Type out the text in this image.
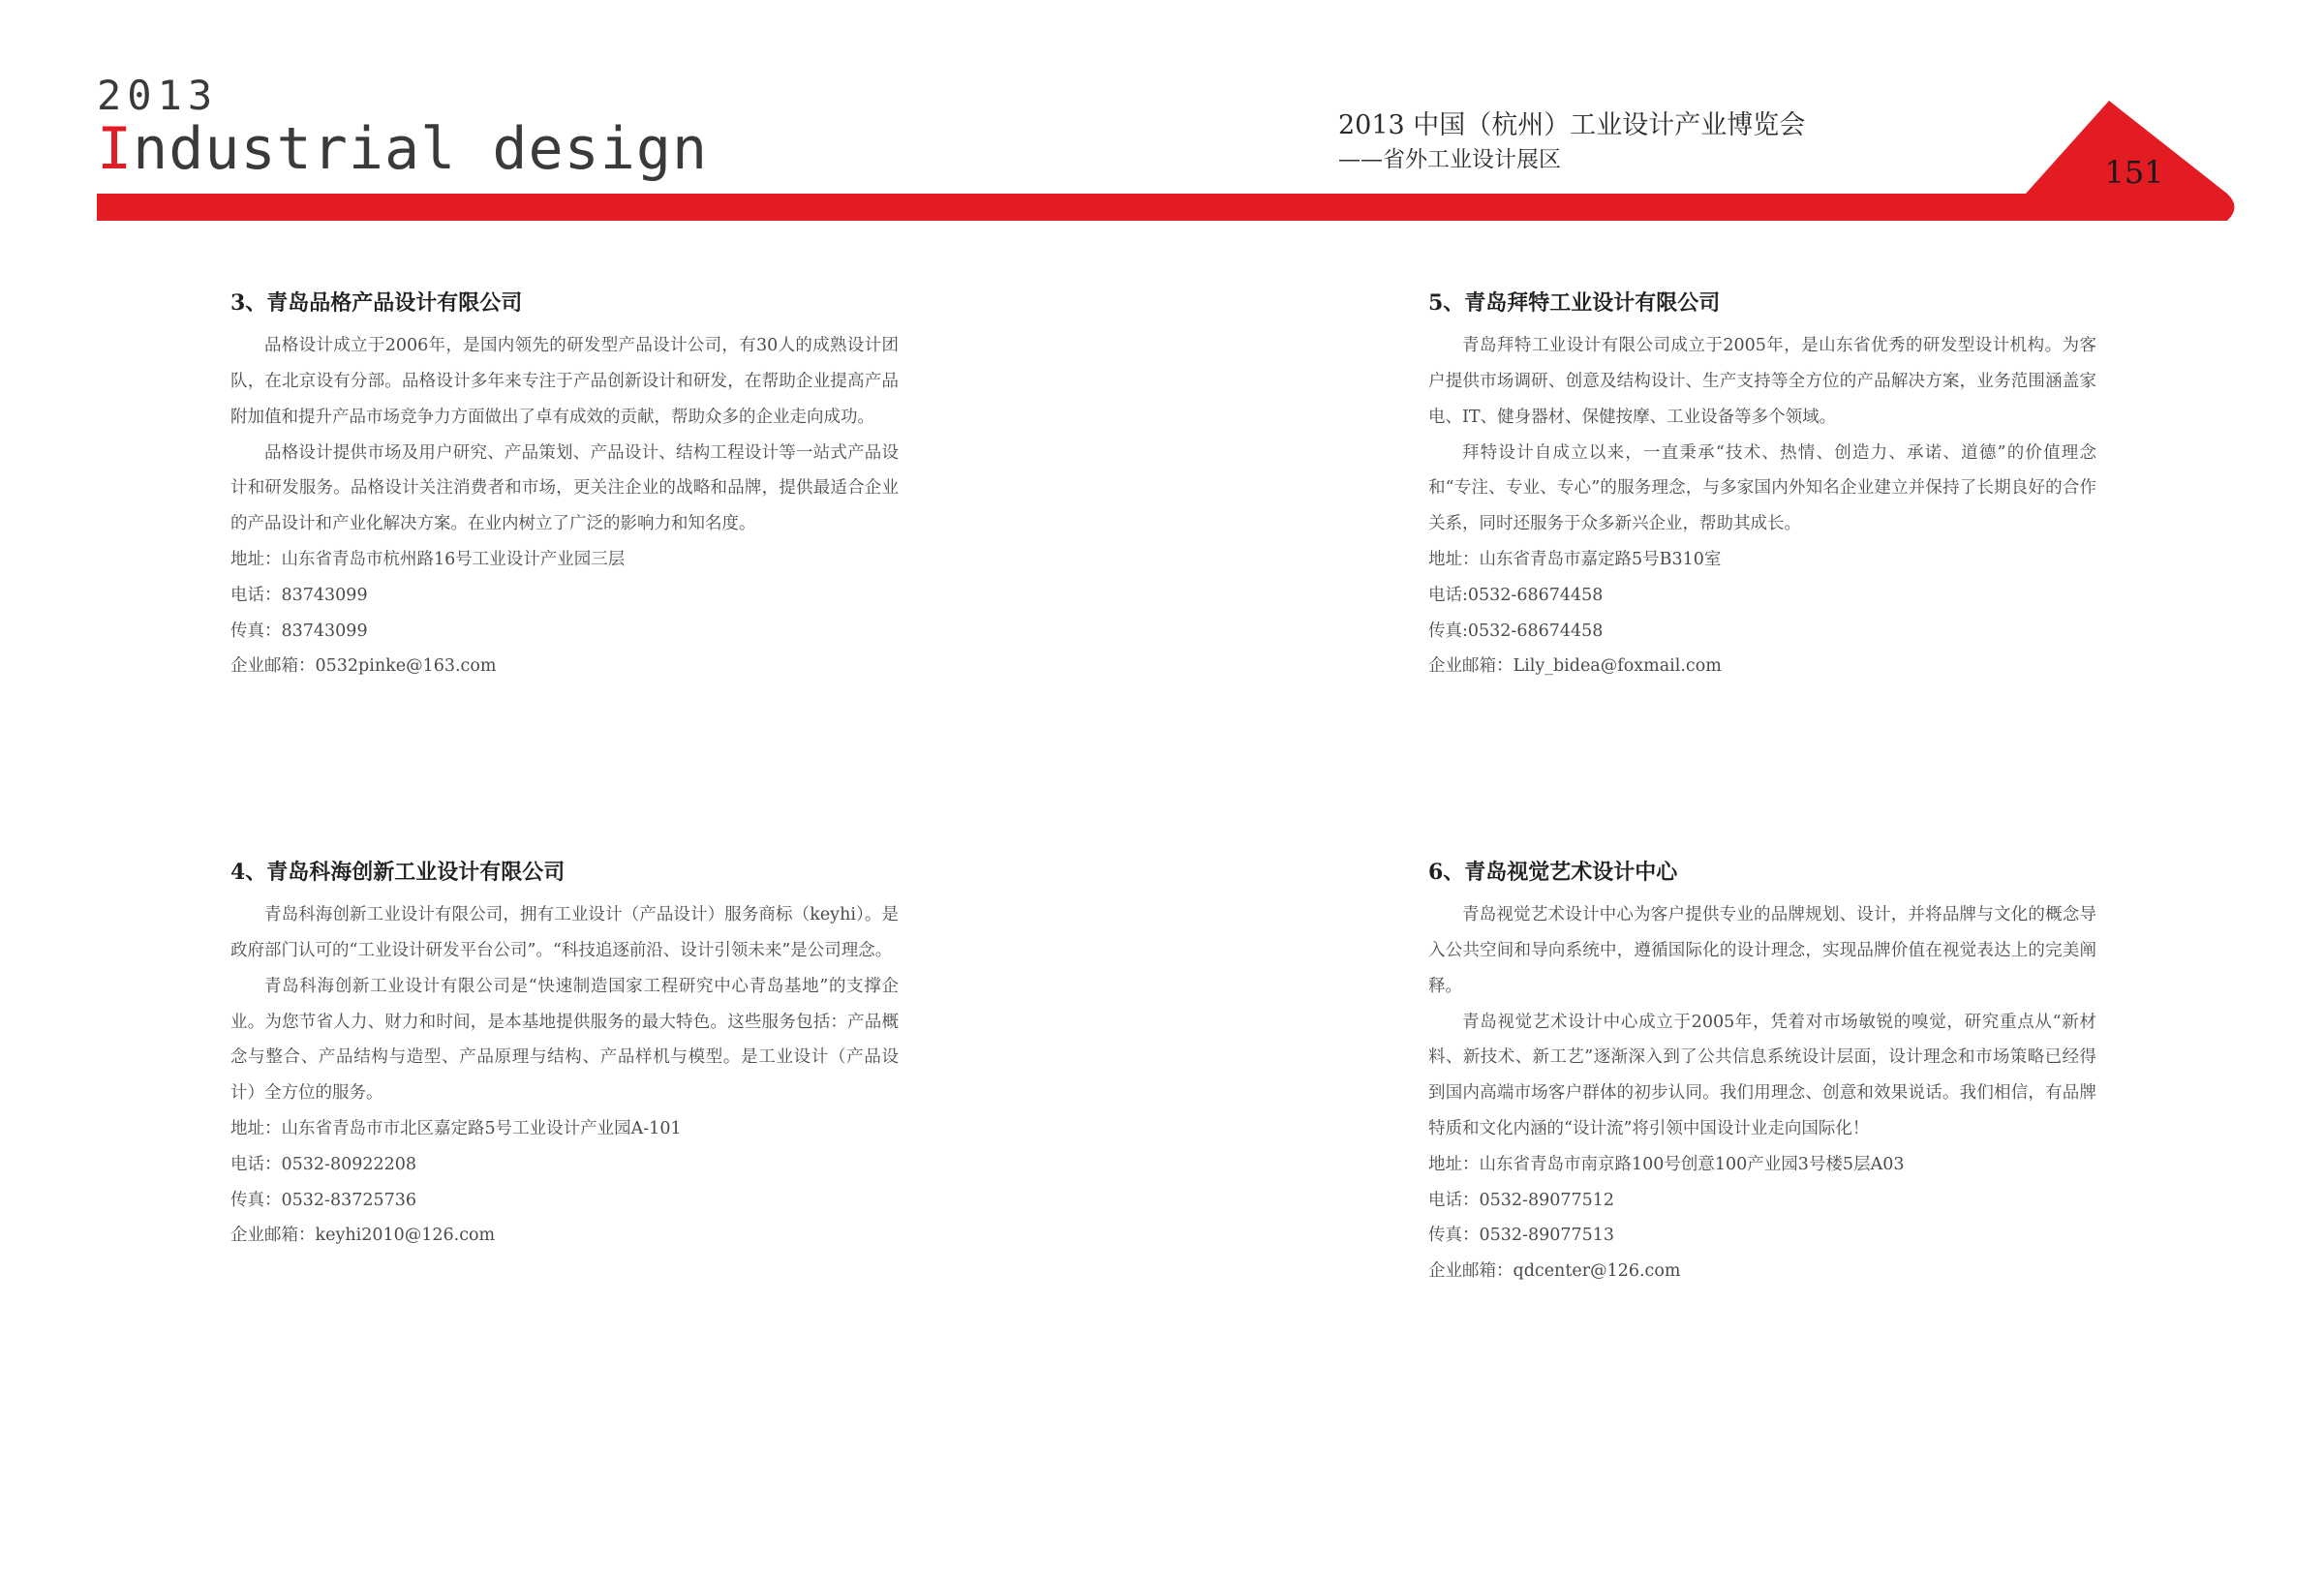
2013
Industrial design	2013 中国（杭州）工业设计产业博览会
——省外工业设计展区	151
3、青岛品格产品设计有限公司

品格设计成立于2006年，是国内领先的研发型产品设计公司，有30人的成熟设计团队，在北京设有分部。品格设计多年来专注于产品创新设计和研发，在帮助企业提高产品附加值和提升产品市场竞争力方面做出了卓有成效的贡献，帮助众多的企业走向成功。

品格设计提供市场及用户研究、产品策划、产品设计、结构工程设计等一站式产品设计和研发服务。品格设计关注消费者和市场，更关注企业的战略和品牌，提供最适合企业的产品设计和产业化解决方案。在业内树立了广泛的影响力和知名度。

地址：山东省青岛市杭州路16号工业设计产业园三层
电话：83743099
传真：83743099
企业邮箱：0532pinke@163.com
5、青岛拜特工业设计有限公司

青岛拜特工业设计有限公司成立于2005年，是山东省优秀的研发型设计机构。为客户提供市场调研、创意及结构设计、生产支持等全方位的产品解决方案，业务范围涵盖家电、IT、健身器材、保健按摩、工业设备等多个领域。

拜特设计自成立以来，一直秉承“技术、热情、创造力、承诺、道德”的价值理念和“专注、专业、专心”的服务理念，与多家国内外知名企业建立并保持了长期良好的合作关系，同时还服务于众多新兴企业，帮助其成长。

地址：山东省青岛市嘉定路5号B310室
电话:0532-68674458
传真:0532-68674458
企业邮箱：Lily_bidea@foxmail.com
4、青岛科海创新工业设计有限公司

青岛科海创新工业设计有限公司，拥有工业设计（产品设计）服务商标（keyhi）。是政府部门认可的“工业设计研发平台公司”。“科技追逐前沿、设计引领未来”是公司理念。

青岛科海创新工业设计有限公司是“快速制造国家工程研究中心青岛基地”的支撑企业。为您节省人力、财力和时间，是本基地提供服务的最大特色。这些服务包括：产品概念与整合、产品结构与造型、产品原理与结构、产品样机与模型。是工业设计（产品设计）全方位的服务。

地址：山东省青岛市市北区嘉定路5号工业设计产业园A-101
电话：0532-80922208
传真：0532-83725736
企业邮箱：keyhi2010@126.com
6、青岛视觉艺术设计中心

青岛视觉艺术设计中心为客户提供专业的品牌规划、设计，并将品牌与文化的概念导入公共空间和导向系统中，遵循国际化的设计理念，实现品牌价值在视觉表达上的完美阐释。

青岛视觉艺术设计中心成立于2005年，凭着对市场敏锐的嗅觉，研究重点从“新材料、新技术、新工艺”逐渐深入到了公共信息系统设计层面，设计理念和市场策略已经得到国内高端市场客户群体的初步认同。我们用理念、创意和效果说话。我们相信，有品牌特质和文化内涵的“设计流”将引领中国设计业走向国际化！

地址：山东省青岛市南京路100号创意100产业园3号楼5层A03
电话：0532-89077512
传真：0532-89077513
企业邮箱：qdcenter@126.com
